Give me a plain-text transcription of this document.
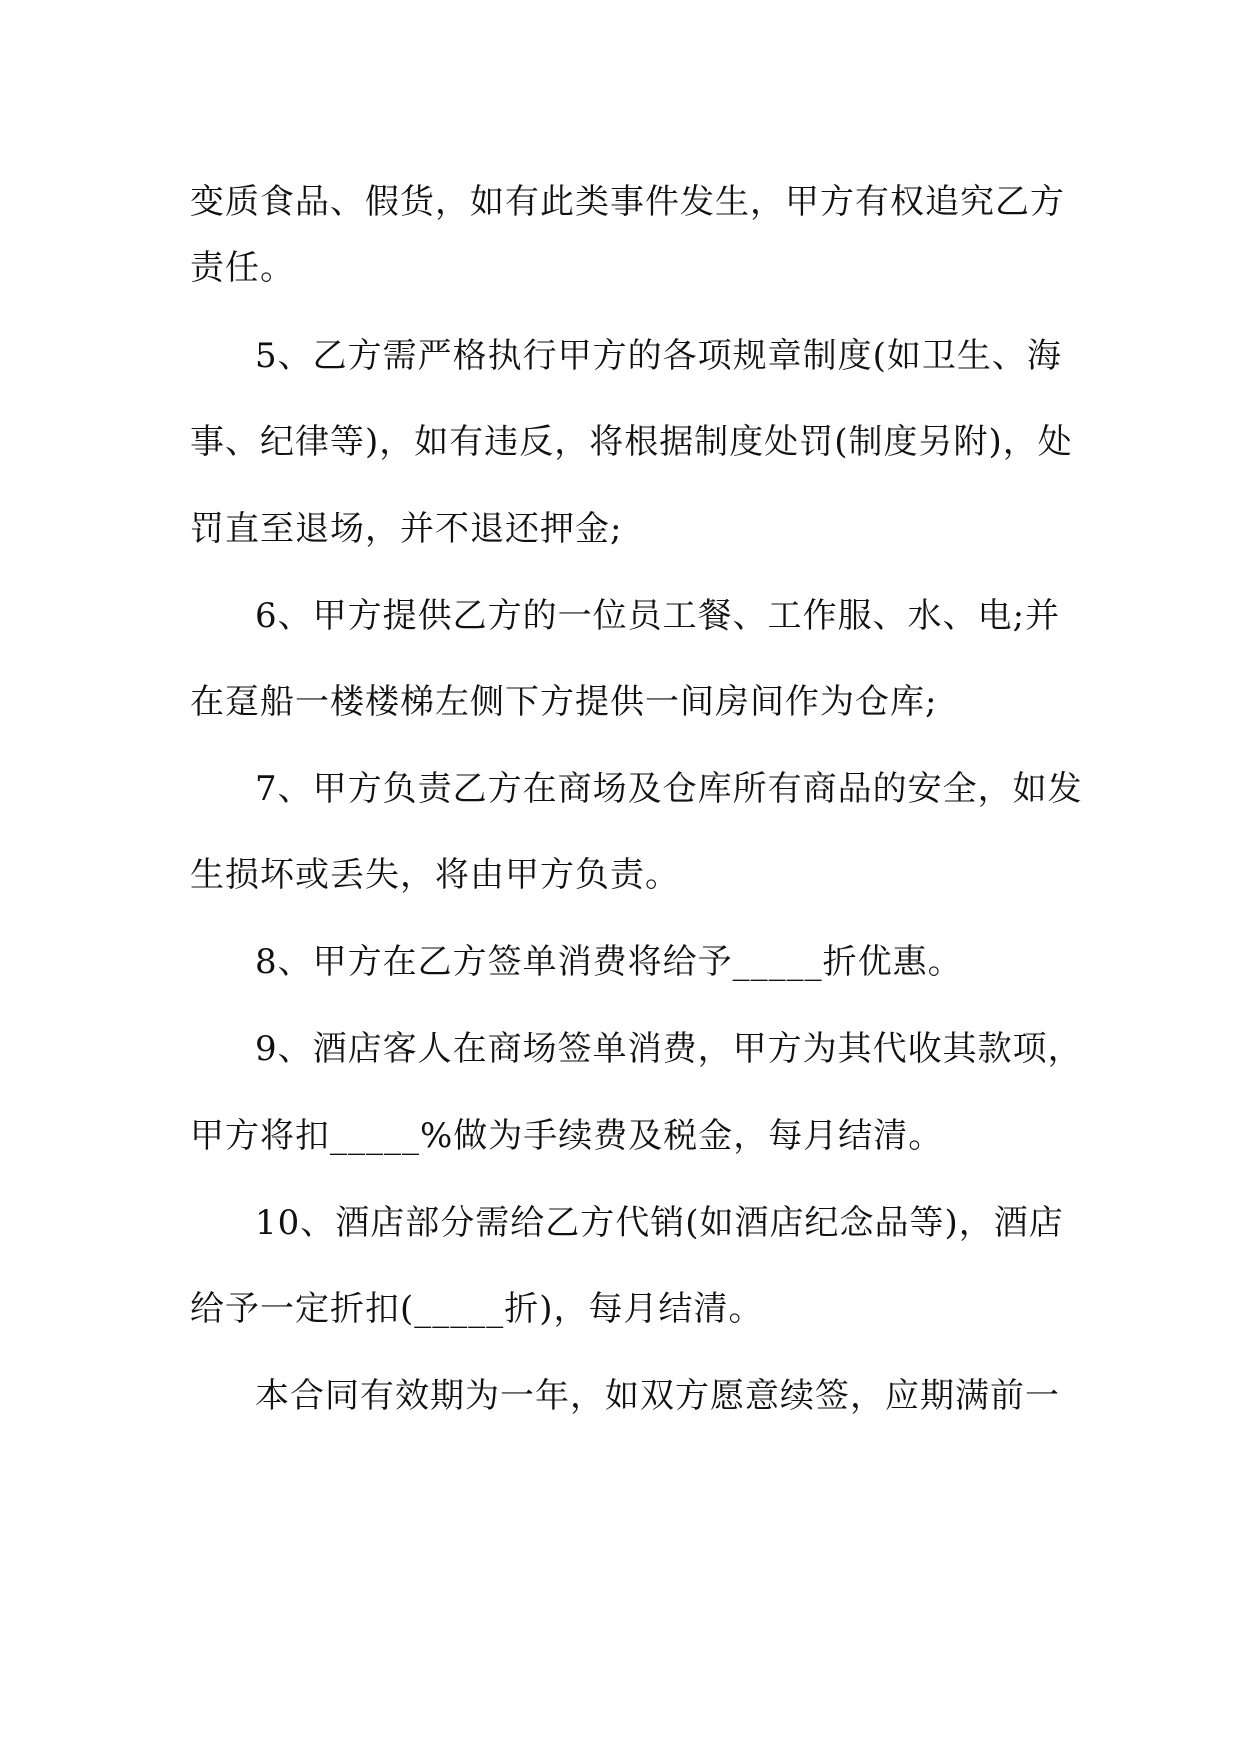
变质食品、假货，如有此类事件发生，甲方有权追究乙方
责任。
5、乙方需严格执行甲方的各项规章制度(如卫生、海
事、纪律等)，如有违反，将根据制度处罚(制度另附)，处
罚直至退场，并不退还押金;
6、甲方提供乙方的一位员工餐、工作服、水、电;并
在趸船一楼楼梯左侧下方提供一间房间作为仓库;
7、甲方负责乙方在商场及仓库所有商品的安全，如发
生损坏或丢失，将由甲方负责。
8、甲方在乙方签单消费将给予_____折优惠。
9、酒店客人在商场签单消费，甲方为其代收其款项，
甲方将扣_____%做为手续费及税金，每月结清。
10、酒店部分需给乙方代销(如酒店纪念品等)，酒店
给予一定折扣(_____折)，每月结清。
本合同有效期为一年，如双方愿意续签，应期满前一
